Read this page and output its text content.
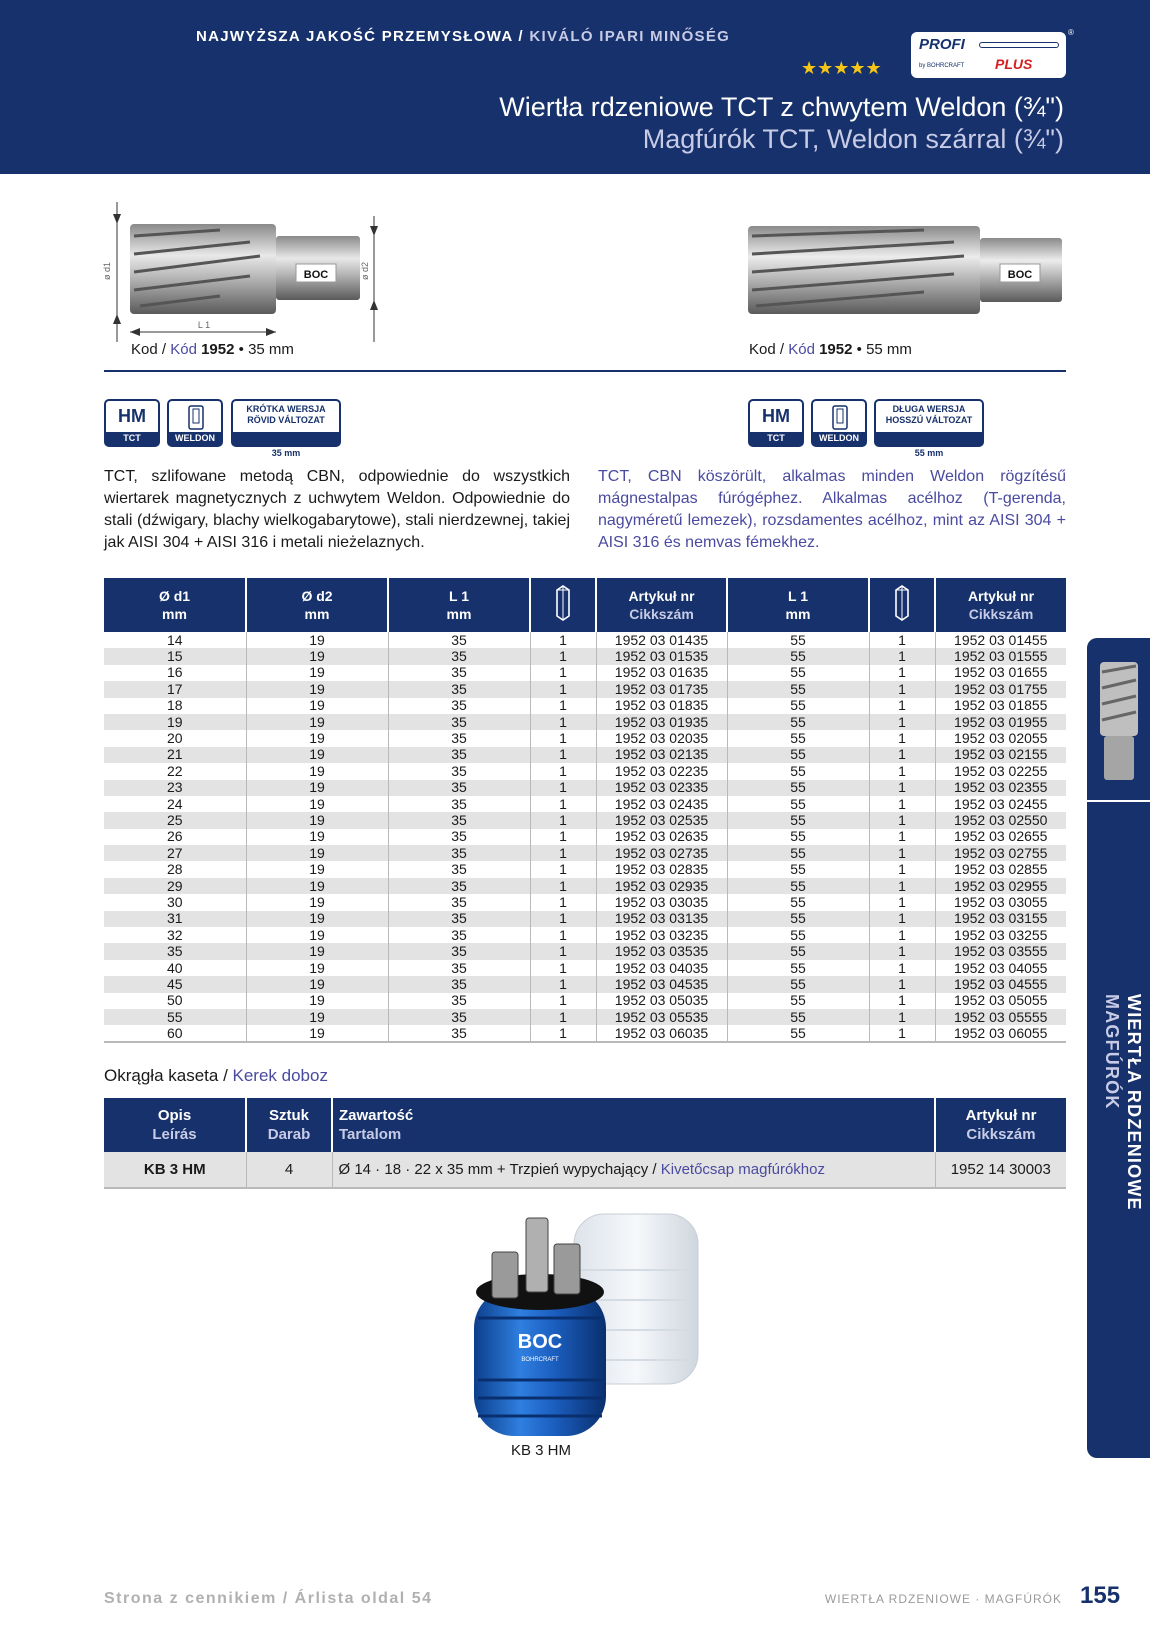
NAJWYŻSZA JAKOŚĆ PRZEMYSŁOWA / KIVÁLÓ IPARI MINŐSÉG
★★★★★
PROFI
by BOHRCRAFT PLUS
®
Wiertła rdzeniowe TCT z chwytem Weldon (¾")
Magfúrók TCT, Weldon szárral (¾")
BOC
ø d1	ø d2
L 1
BOC
Kod / Kód 1952 • 35 mm	Kod / Kód 1952 • 55 mm
HM
TCT	WELDON
KRÓTKA WERSJA
RÖVID VÁLTOZAT
35 mm
HM
TCT	WELDON
DŁUGA WERSJA
HOSSZÚ VÁLTOZAT
55 mm
TCT, szlifowane metodą CBN, odpowiednie do wszystkich wiertarek magnetycznych z uchwytem Weldon. Odpowiednie do stali (dźwigary, blachy wielkogabarytowe), stali nierdzewnej, takiej jak AISI 304 + AISI 316 i metali nieżelaznych.
TCT, CBN köszörült, alkalmas minden Weldon rögzítésű mágnestalpas fúrógéphez. Alkalmas acélhoz (T-gerenda, nagyméretű lemezek), rozsdamentes acélhoz, mint az AISI 304 + AISI 316 és nemvas fémekhez.
Ø d1
mm	Ø d2
mm	L 1
mm		Artykuł nr
Cikkszám	L 1
mm		Artykuł nr
Cikkszám
14	19	35	1	1952 03 01435	55	1	1952 03 01455
15	19	35	1	1952 03 01535	55	1	1952 03 01555
16	19	35	1	1952 03 01635	55	1	1952 03 01655
17	19	35	1	1952 03 01735	55	1	1952 03 01755
18	19	35	1	1952 03 01835	55	1	1952 03 01855
19	19	35	1	1952 03 01935	55	1	1952 03 01955
20	19	35	1	1952 03 02035	55	1	1952 03 02055
21	19	35	1	1952 03 02135	55	1	1952 03 02155
22	19	35	1	1952 03 02235	55	1	1952 03 02255
23	19	35	1	1952 03 02335	55	1	1952 03 02355
24	19	35	1	1952 03 02435	55	1	1952 03 02455
25	19	35	1	1952 03 02535	55	1	1952 03 02550
26	19	35	1	1952 03 02635	55	1	1952 03 02655
27	19	35	1	1952 03 02735	55	1	1952 03 02755
28	19	35	1	1952 03 02835	55	1	1952 03 02855
29	19	35	1	1952 03 02935	55	1	1952 03 02955
30	19	35	1	1952 03 03035	55	1	1952 03 03055
31	19	35	1	1952 03 03135	55	1	1952 03 03155
32	19	35	1	1952 03 03235	55	1	1952 03 03255
35	19	35	1	1952 03 03535	55	1	1952 03 03555
40	19	35	1	1952 03 04035	55	1	1952 03 04055
45	19	35	1	1952 03 04535	55	1	1952 03 04555
50	19	35	1	1952 03 05035	55	1	1952 03 05055
55	19	35	1	1952 03 05535	55	1	1952 03 05555
60	19	35	1	1952 03 06035	55	1	1952 03 06055
Okrągła kaseta / Kerek doboz
Opis
Leírás	Sztuk
Darab	Zawartość
Tartalom	Artykuł nr
Cikkszám
KB 3 HM	4	Ø 14 · 18 · 22 x 35 mm + Trzpień wypychający / Kivetőcsap magfúrókhoz	1952 14 30003
BOC
BOHRCRAFT
KB 3 HM
WIERTŁA RDZENIOWE
MAGFÚRÓK
Strona z cennikiem / Árlista oldal 54	WIERTŁA RDZENIOWE · MAGFÚRÓK 155
